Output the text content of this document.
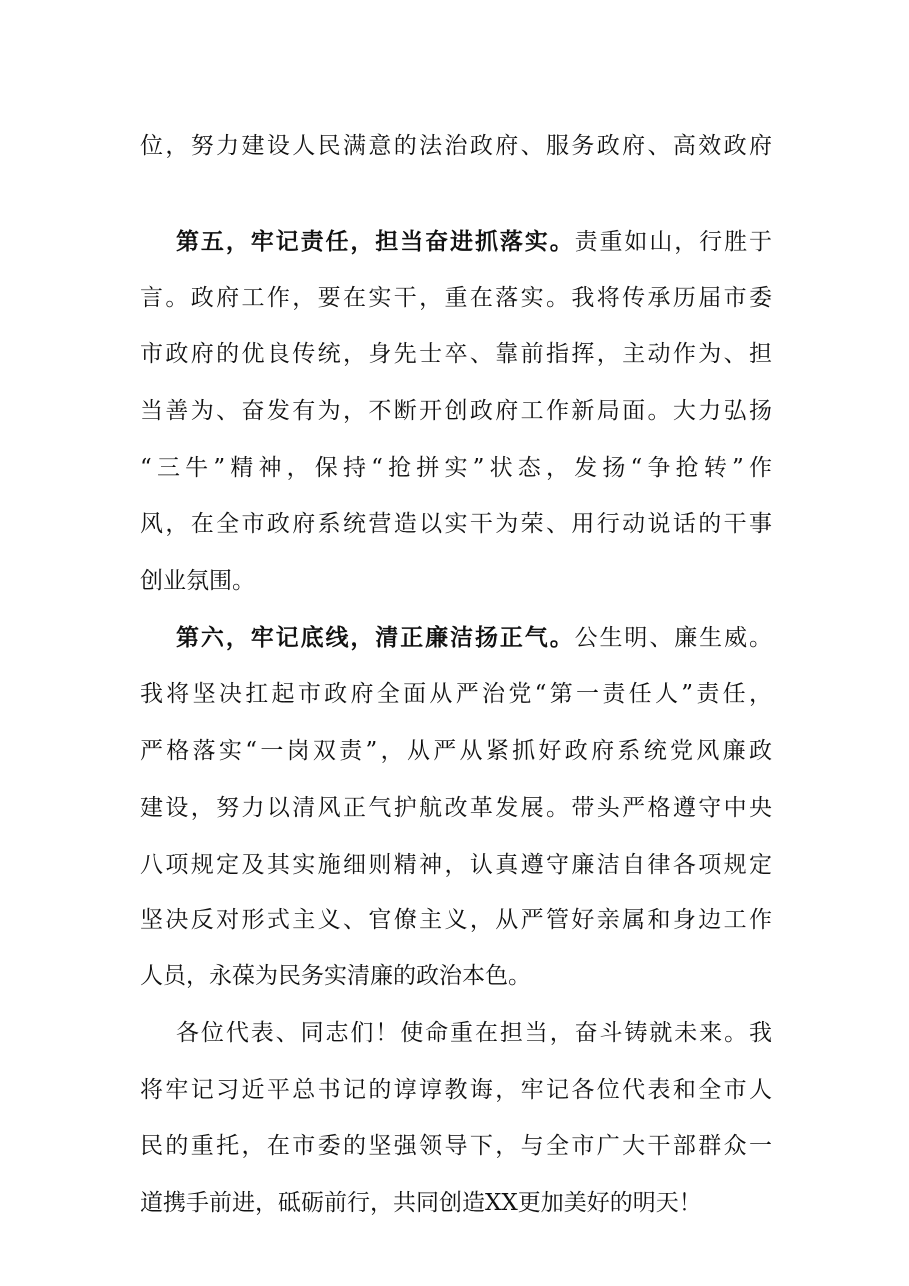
位，努力建设人民满意的法治政府、服务政府、高效政府
第五，牢记责任，担当奋进抓落实。责重如山，行胜于
言。政府工作，要在实干，重在落实。我将传承历届市委
市政府的优良传统，身先士卒、靠前指挥，主动作为、担
当善为、奋发有为，不断开创政府工作新局面。大力弘扬
“三牛”精神，保持“抢拼实”状态，发扬“争抢转”作
风，在全市政府系统营造以实干为荣、用行动说话的干事
创业氛围。
第六，牢记底线，清正廉洁扬正气。公生明、廉生威。
我将坚决扛起市政府全面从严治党“第一责任人”责任，
严格落实“一岗双责”，从严从紧抓好政府系统党风廉政
建设，努力以清风正气护航改革发展。带头严格遵守中央
八项规定及其实施细则精神，认真遵守廉洁自律各项规定
坚决反对形式主义、官僚主义，从严管好亲属和身边工作
人员，永葆为民务实清廉的政治本色。
各位代表、同志们！使命重在担当，奋斗铸就未来。我
将牢记习近平总书记的谆谆教诲，牢记各位代表和全市人
民的重托，在市委的坚强领导下，与全市广大干部群众一
道携手前进，砥砺前行，共同创造XX更加美好的明天！
